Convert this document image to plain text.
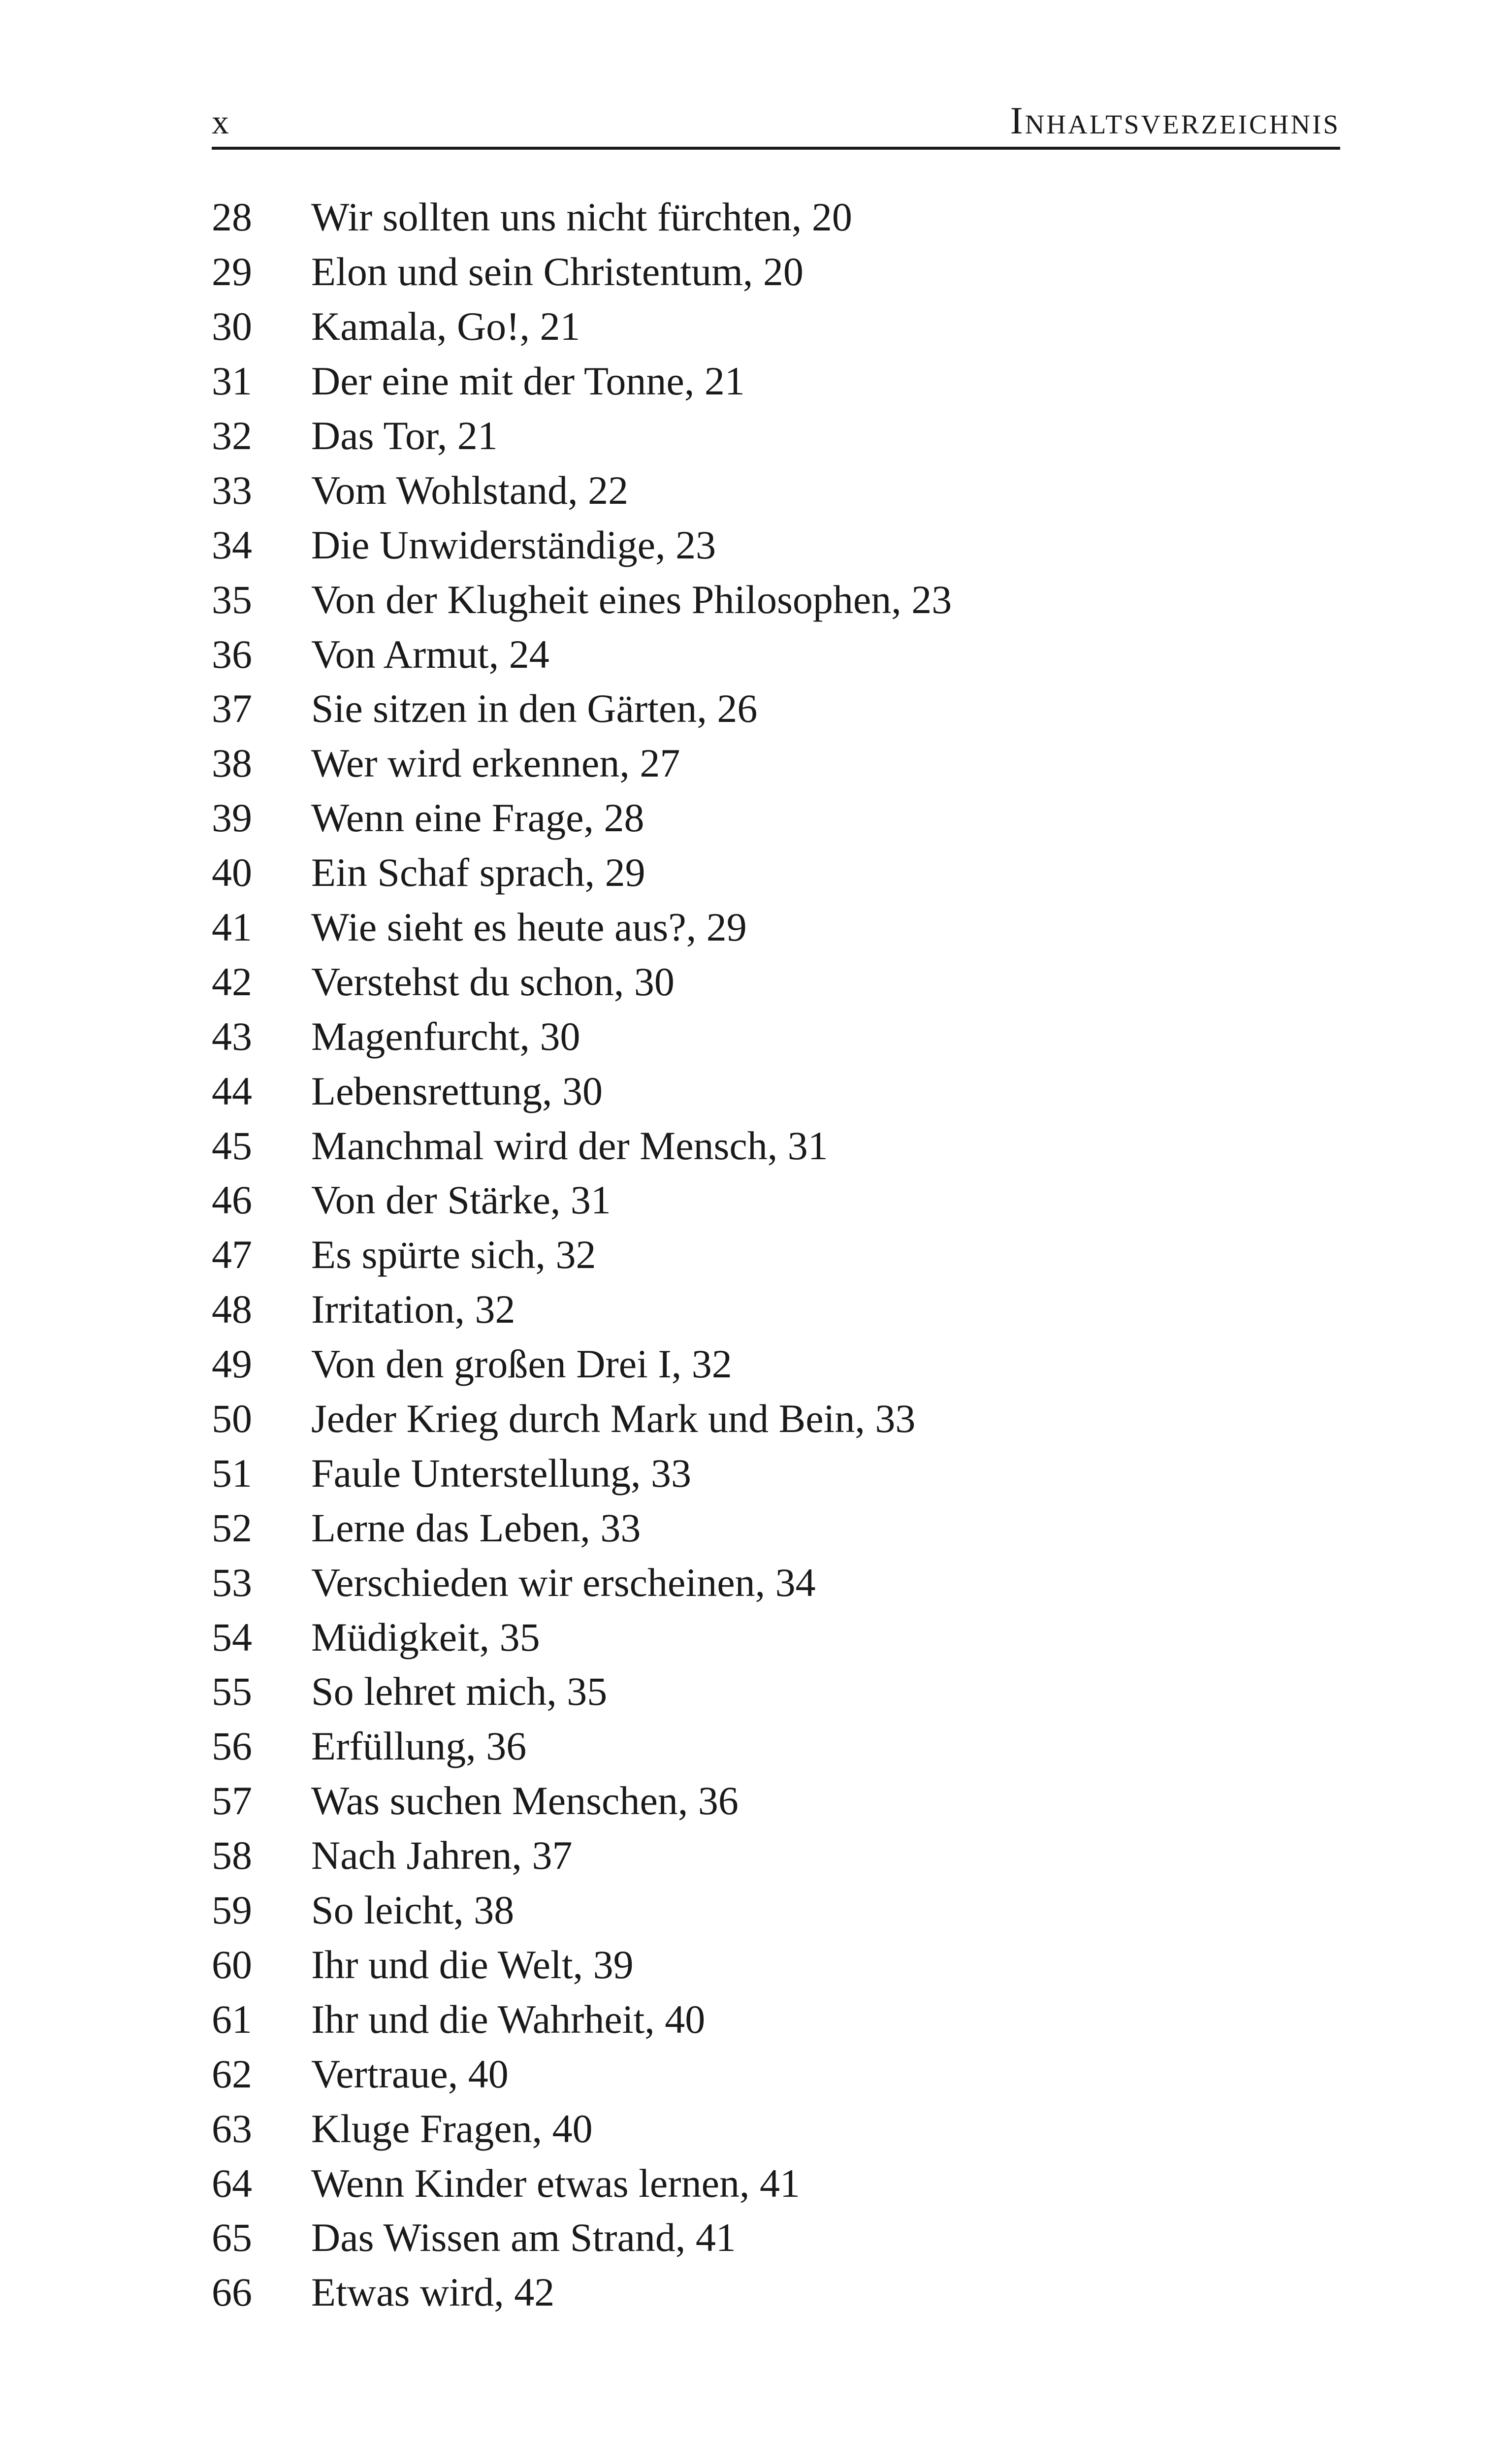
x	Inhaltsverzeichnis
28	Wir sollten uns nicht fürchten, 20
29	Elon und sein Christentum, 20
30	Kamala, Go!, 21
31	Der eine mit der Tonne, 21
32	Das Tor, 21
33	Vom Wohlstand, 22
34	Die Unwiderständige, 23
35	Von der Klugheit eines Philosophen, 23
36	Von Armut, 24
37	Sie sitzen in den Gärten, 26
38	Wer wird erkennen, 27
39	Wenn eine Frage, 28
40	Ein Schaf sprach, 29
41	Wie sieht es heute aus?, 29
42	Verstehst du schon, 30
43	Magenfurcht, 30
44	Lebensrettung, 30
45	Manchmal wird der Mensch, 31
46	Von der Stärke, 31
47	Es spürte sich, 32
48	Irritation, 32
49	Von den großen Drei I, 32
50	Jeder Krieg durch Mark und Bein, 33
51	Faule Unterstellung, 33
52	Lerne das Leben, 33
53	Verschieden wir erscheinen, 34
54	Müdigkeit, 35
55	So lehret mich, 35
56	Erfüllung, 36
57	Was suchen Menschen, 36
58	Nach Jahren, 37
59	So leicht, 38
60	Ihr und die Welt, 39
61	Ihr und die Wahrheit, 40
62	Vertraue, 40
63	Kluge Fragen, 40
64	Wenn Kinder etwas lernen, 41
65	Das Wissen am Strand, 41
66	Etwas wird, 42
